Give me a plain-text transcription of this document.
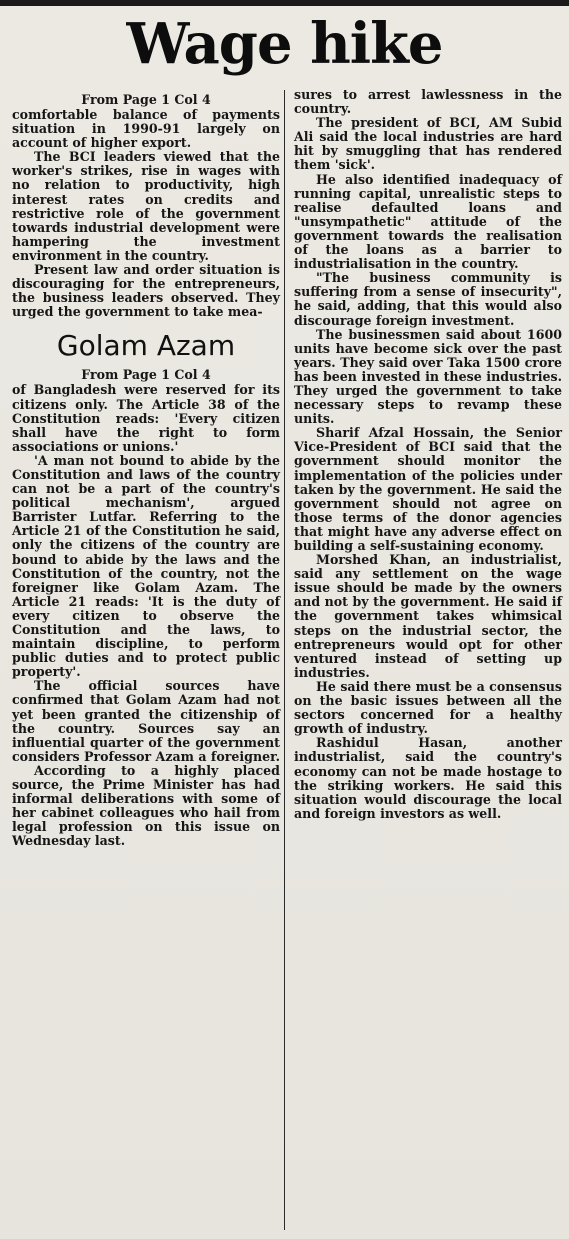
Wage hike
From Page 1 Col 4

comfortable balance of payments situation in 1990-91 largely on account of higher export.

The BCI leaders viewed that the worker's strikes, rise in wages with no relation to productivity, high interest rates on credits and restrictive role of the government towards industrial development were hampering the investment environment in the country.

Present law and order situation is discouraging for the entrepreneurs, the business leaders observed. They urged the government to take mea-

Golam Azam
From Page 1 Col 4

of Bangladesh were reserved for its citizens only. The Article 38 of the Constitution reads: 'Every citizen shall have the right to form associations or unions.'

'A man not bound to abide by the Constitution and laws of the country can not be a part of the country's political mechanism', argued Barrister Lutfar. Referring to the Article 21 of the Constitution he said, only the citizens of the country are bound to abide by the laws and the Constitution of the country, not the foreigner like Golam Azam. The Article 21 reads: 'It is the duty of every citizen to observe the Constitution and the laws, to maintain discipline, to perform public duties and to protect public property'.

The official sources have confirmed that Golam Azam had not yet been granted the citizenship of the country. Sources say an influential quarter of the government considers Professor Azam a foreigner.

According to a highly placed source, the Prime Minister has had informal deliberations with some of her cabinet colleagues who hail from legal profession on this issue on Wednesday last.

sures to arrest lawlessness in the country.

The president of BCI, AM Subid Ali said the local industries are hard hit by smuggling that has rendered them 'sick'.

He also identified inadequacy of running capital, unrealistic steps to realise defaulted loans and "unsympathetic" attitude of the government towards the realisation of the loans as a barrier to industrialisation in the country.

"The business community is suffering from a sense of insecurity", he said, adding, that this would also discourage foreign investment.

The businessmen said about 1600 units have become sick over the past years. They said over Taka 1500 crore has been invested in these industries. They urged the government to take necessary steps to revamp these units.

Sharif Afzal Hossain, the Senior Vice-President of BCI said that the government should monitor the implementation of the policies under taken by the government. He said the government should not agree on those terms of the donor agencies that might have any adverse effect on building a self-sustaining economy.

Morshed Khan, an industrialist, said any settlement on the wage issue should be made by the owners and not by the government. He said if the government takes whimsical steps on the industrial sector, the entrepreneurs would opt for other ventured instead of setting up industries.

He said there must be a consensus on the basic issues between all the sectors concerned for a healthy growth of industry.

Rashidul Hasan, another industrialist, said the country's economy can not be made hostage to the striking workers. He said this situation would discourage the local and foreign investors as well.
